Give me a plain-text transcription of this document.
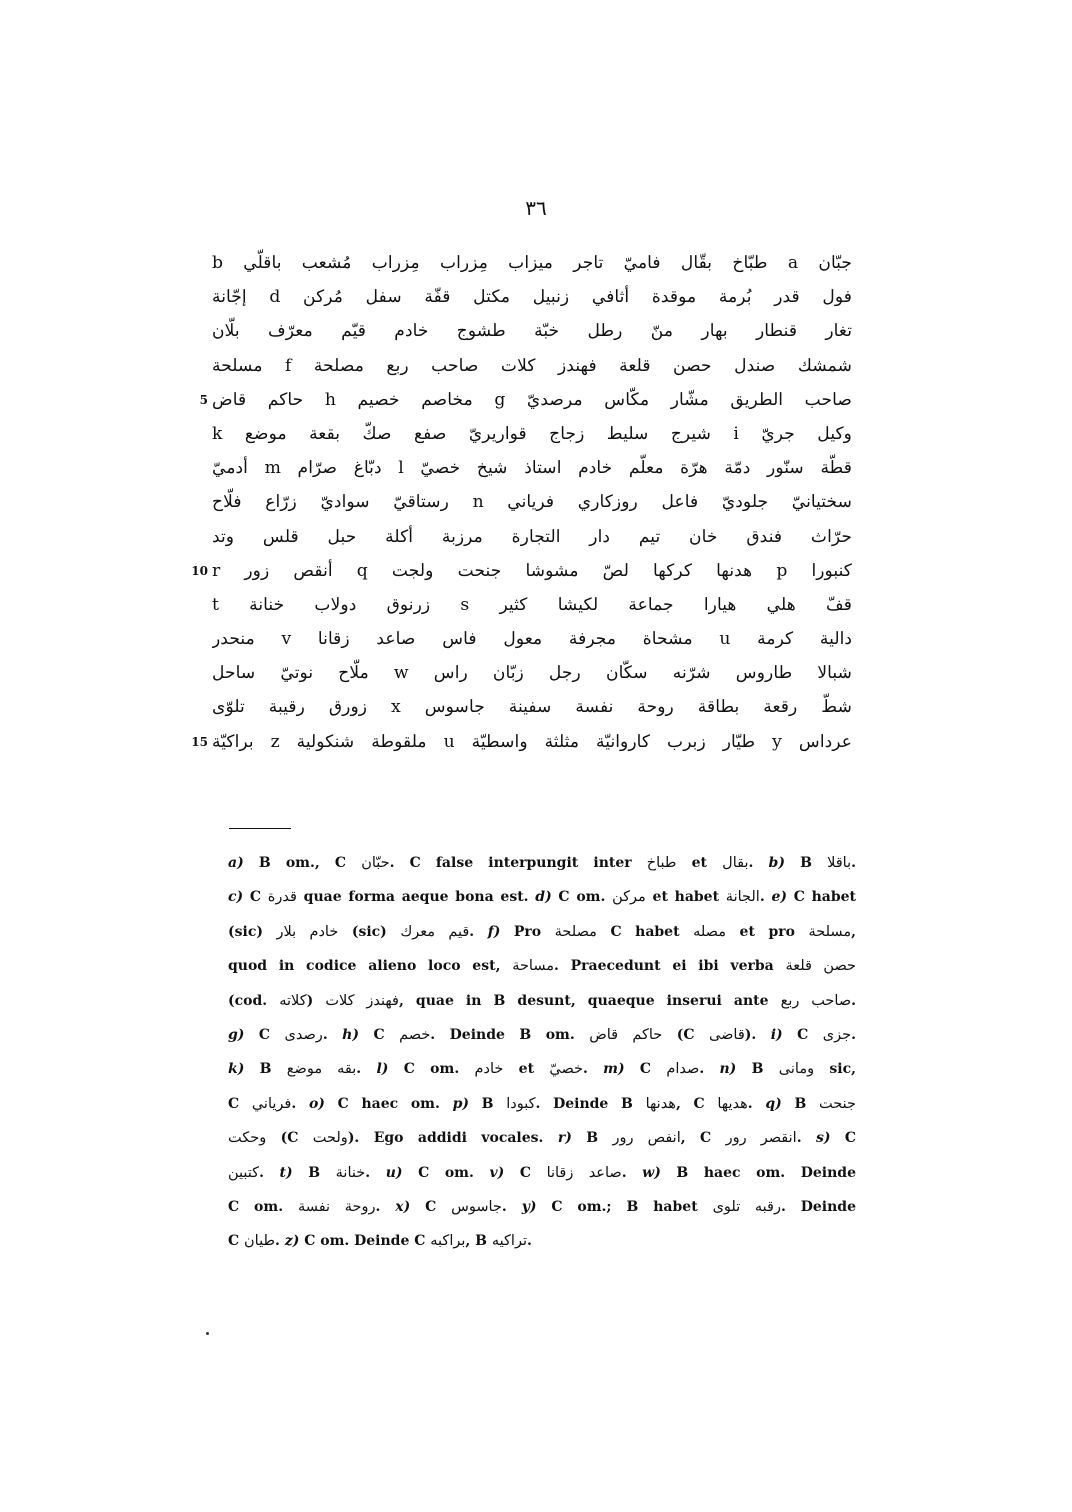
٣٦
جبّان a طبّاخ بقّال فاميّ تاجر ميزاب مِزراب مِزراب مُشعب باقلّي b
فول قدر بُرمة موقدة أثافي زنبيل مكتل قفّة سفل مُركن d إجّانة
تغار قنطار بهار منّ رطل خبّة طشوج خادم قيّم معرّف بلّان
شمشك صندل حصن قلعة فهندز كلات صاحب ربع مصلحة f مسلحة
صاحب الطريق مشّار مكّاس مرصديّ g مخاصم خصيم h حاكم قاض
وكيل جريّ i شيرج سليط زجاج قواريريّ صفع صكّ بقعة موضع k
قطّة سنّور دمّة هرّة معلّم خادم استاذ شيخ خصيّ l دبّاغ صرّام m أدميّ
سختيانيّ جلوديّ فاعل روزكاري فرياني n رستاقيّ سواديّ زرّاع فلّاح
حرّاث فندق خان تيم دار التجارة مرزبة أكلة حبل قلس وتد
كنبورا p هدنها كركها لصّ مشوشا جنحت ولجت q أنقص زور r
قفّ هلي هيارا جماعة لكيشا كثير s زرنوق دولاب خنانة t
دالية كرمة u مشحاة مجرفة معول فاس صاعد زقانا v منحدر
شبالا طاروس شرّنه سكّان رجل زبّان راس w ملّاح نوتيّ ساحل
شطّ رقعة بطاقة روحة نفسة سفينة جاسوس x زورق رقيبة تلوّى
عرداس y طيّار زبرب كاروانيّة مثلثة واسطيّة u ملقوطة شنكولية z براكيّة
a) B om., C حبّان. C false interpungit inter طباخ et بقال. b) B باقلا.
c) C قدرة quae forma aeque bona est. d) C om. مركن et habet الجانة. e) C habet
(sic) خادم بلار (sic) قيم معرك. f) Pro مصلحة C habet مصله et pro مسلحة,
quod in codice alieno loco est, مساحة. Praecedunt ei ibi verba حصن قلعة
(cod. كلاته) فهندز كلات, quae in B desunt, quaeque inserui ante صاحب ربع.
g) C رصدى. h) C خصم. Deinde B om. حاكم قاض (C قاضى). i) C جزى.
k) B بقه موضع. l) C om. خادم et خصيّ. m) C صدام. n) B ومانى sic,
C فرياني. o) C haec om. p) B كبودا. Deinde B هدنها, C هديها. q) B جنحت
وحكت (C ولحت). Ego addidi vocales. r) B انفص رور, C انقصر رور. s) C
كتبين. t) B خنانة. u) C om. v) C صاعد زقانا. w) B haec om. Deinde
C om. روحة نفسة. x) C جاسوس. y) C om.; B habet رقبه تلوى. Deinde
C طيان. z) C om. Deinde C براكبه, B تراكيه.
5
10
15
